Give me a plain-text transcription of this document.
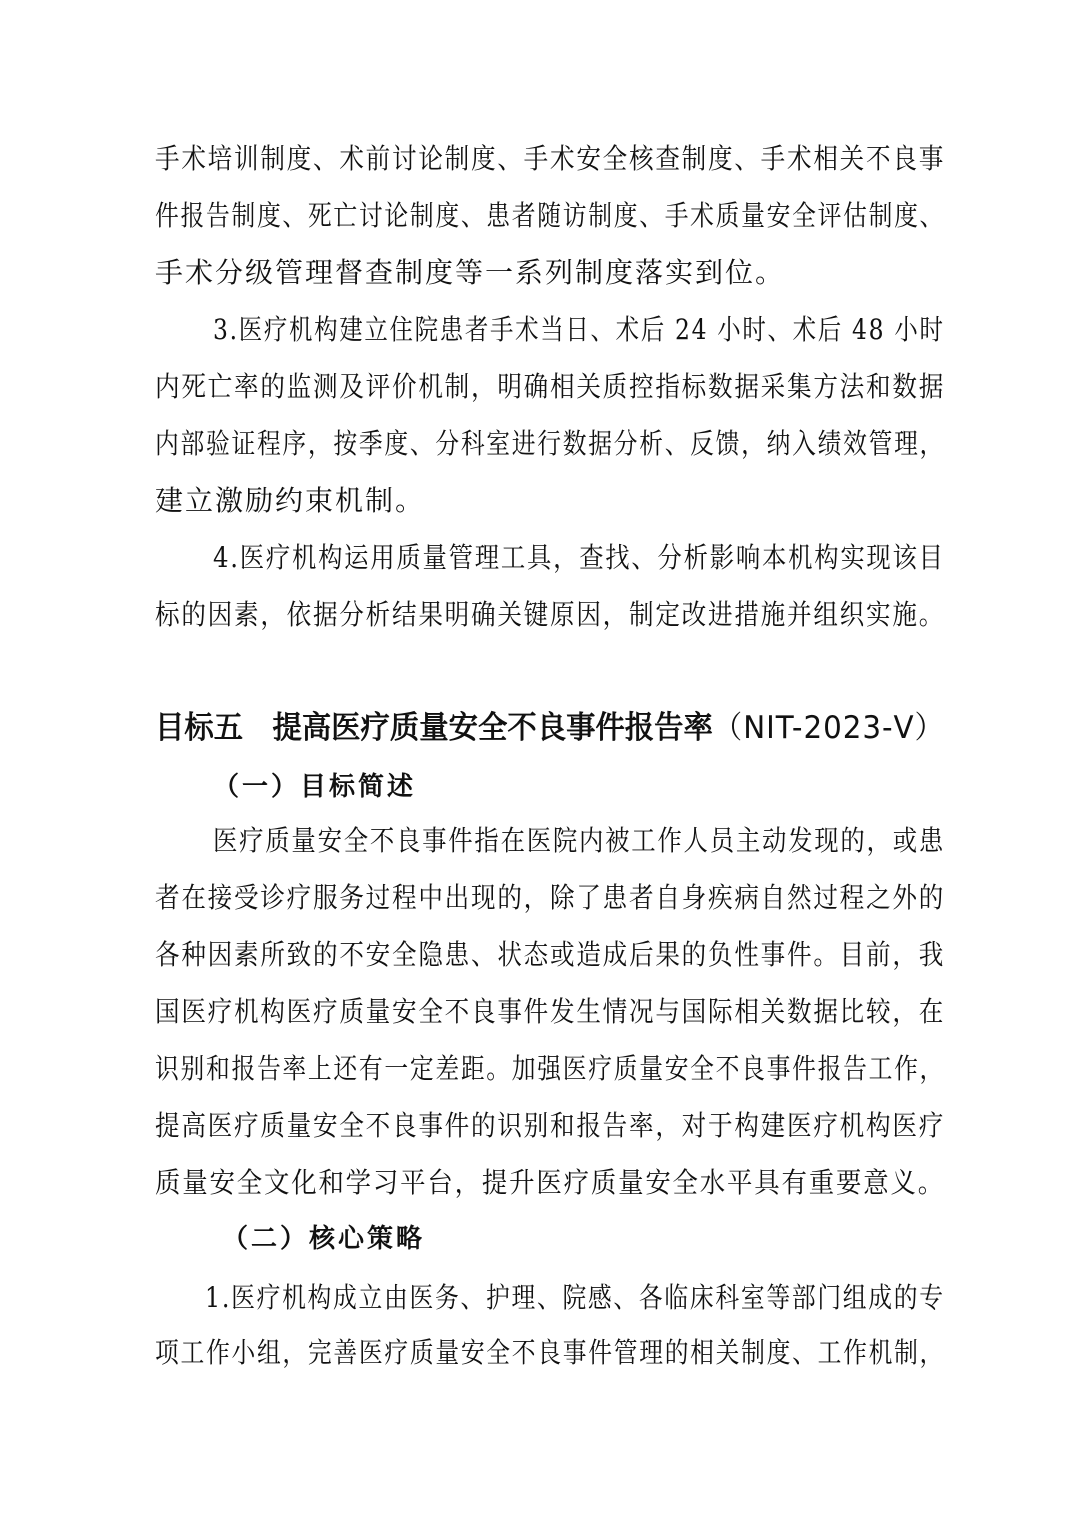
手术培训制度、术前讨论制度、手术安全核查制度、手术相关不良事
件报告制度、死亡讨论制度、患者随访制度、手术质量安全评估制度、
手术分级管理督查制度等一系列制度落实到位。
3.医疗机构建立住院患者手术当日、术后 24 小时、术后 48 小时
内死亡率的监测及评价机制，明确相关质控指标数据采集方法和数据
内部验证程序，按季度、分科室进行数据分析、反馈，纳入绩效管理，
建立激励约束机制。
4.医疗机构运用质量管理工具，查找、分析影响本机构实现该目
标的因素，依据分析结果明确关键原因，制定改进措施并组织实施。
目标五　提高医疗质量安全不良事件报告率（NIT-2023-Ⅴ）
（一）目标简述
医疗质量安全不良事件指在医院内被工作人员主动发现的，或患
者在接受诊疗服务过程中出现的，除了患者自身疾病自然过程之外的
各种因素所致的不安全隐患、状态或造成后果的负性事件。目前，我
国医疗机构医疗质量安全不良事件发生情况与国际相关数据比较，在
识别和报告率上还有一定差距。加强医疗质量安全不良事件报告工作，
提高医疗质量安全不良事件的识别和报告率，对于构建医疗机构医疗
质量安全文化和学习平台，提升医疗质量安全水平具有重要意义。
（二）核心策略
1.医疗机构成立由医务、护理、院感、各临床科室等部门组成的专
项工作小组，完善医疗质量安全不良事件管理的相关制度、工作机制，
